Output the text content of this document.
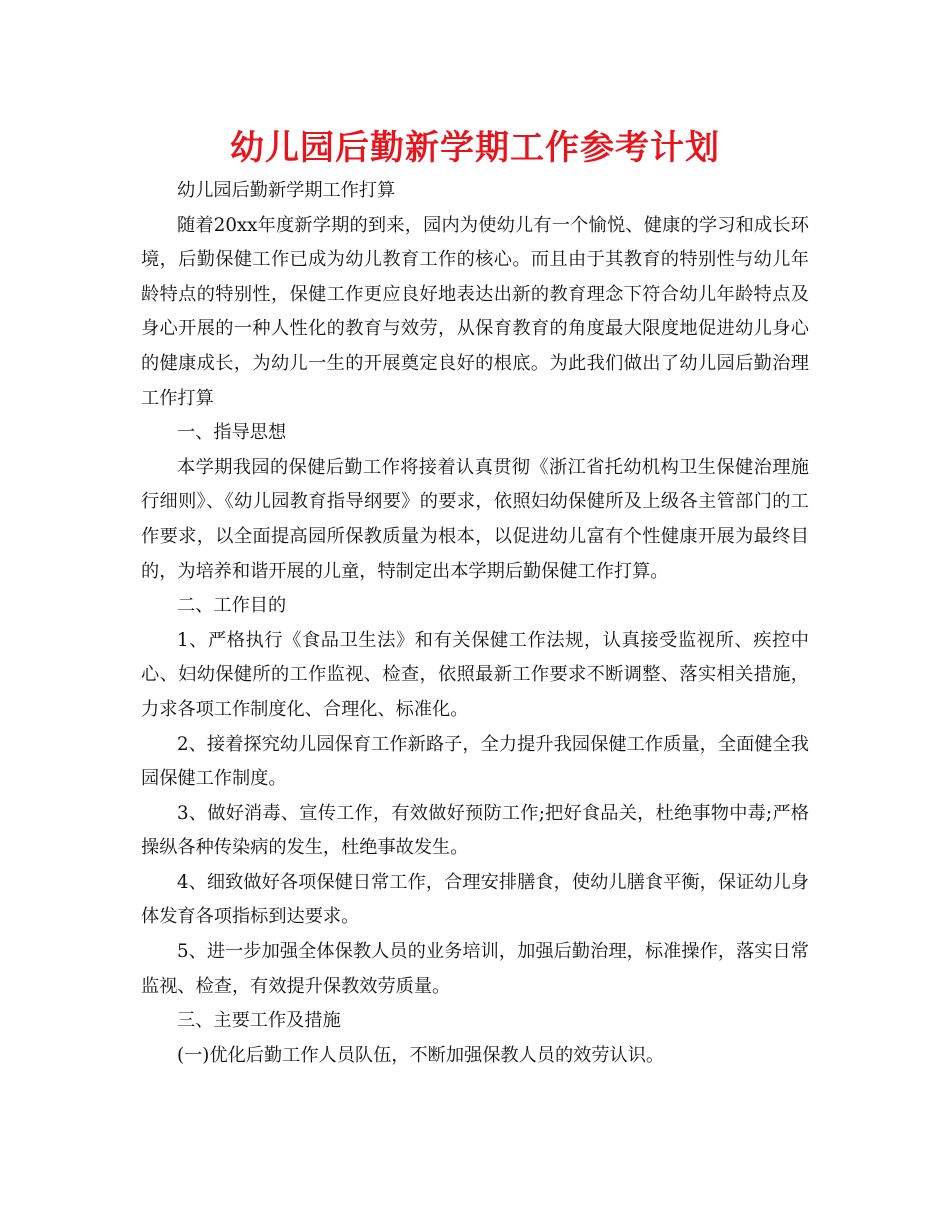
幼儿园后勤新学期工作参考计划

幼儿园后勤新学期工作打算

随着20xx年度新学期的到来，园内为使幼儿有一个愉悦、健康的学习和成长环境，后勤保健工作已成为幼儿教育工作的核心。而且由于其教育的特别性与幼儿年龄特点的特别性，保健工作更应良好地表达出新的教育理念下符合幼儿年龄特点及身心开展的一种人性化的教育与效劳，从保育教育的角度最大限度地促进幼儿身心的健康成长，为幼儿一生的开展奠定良好的根底。为此我们做出了幼儿园后勤治理工作打算

一、指导思想

本学期我园的保健后勤工作将接着认真贯彻《浙江省托幼机构卫生保健治理施行细则》、《幼儿园教育指导纲要》的要求，依照妇幼保健所及上级各主管部门的工作要求，以全面提高园所保教质量为根本，以促进幼儿富有个性健康开展为最终目的，为培养和谐开展的儿童，特制定出本学期后勤保健工作打算。

二、工作目的

1、严格执行《食品卫生法》和有关保健工作法规，认真接受监视所、疾控中心、妇幼保健所的工作监视、检查，依照最新工作要求不断调整、落实相关措施，力求各项工作制度化、合理化、标准化。

2、接着探究幼儿园保育工作新路子，全力提升我园保健工作质量，全面健全我园保健工作制度。

3、做好消毒、宣传工作，有效做好预防工作;把好食品关，杜绝事物中毒;严格操纵各种传染病的发生，杜绝事故发生。

4、细致做好各项保健日常工作，合理安排膳食，使幼儿膳食平衡，保证幼儿身体发育各项指标到达要求。

5、进一步加强全体保教人员的业务培训，加强后勤治理，标准操作，落实日常监视、检查，有效提升保教效劳质量。

三、主要工作及措施

(一)优化后勤工作人员队伍，不断加强保教人员的效劳认识。
